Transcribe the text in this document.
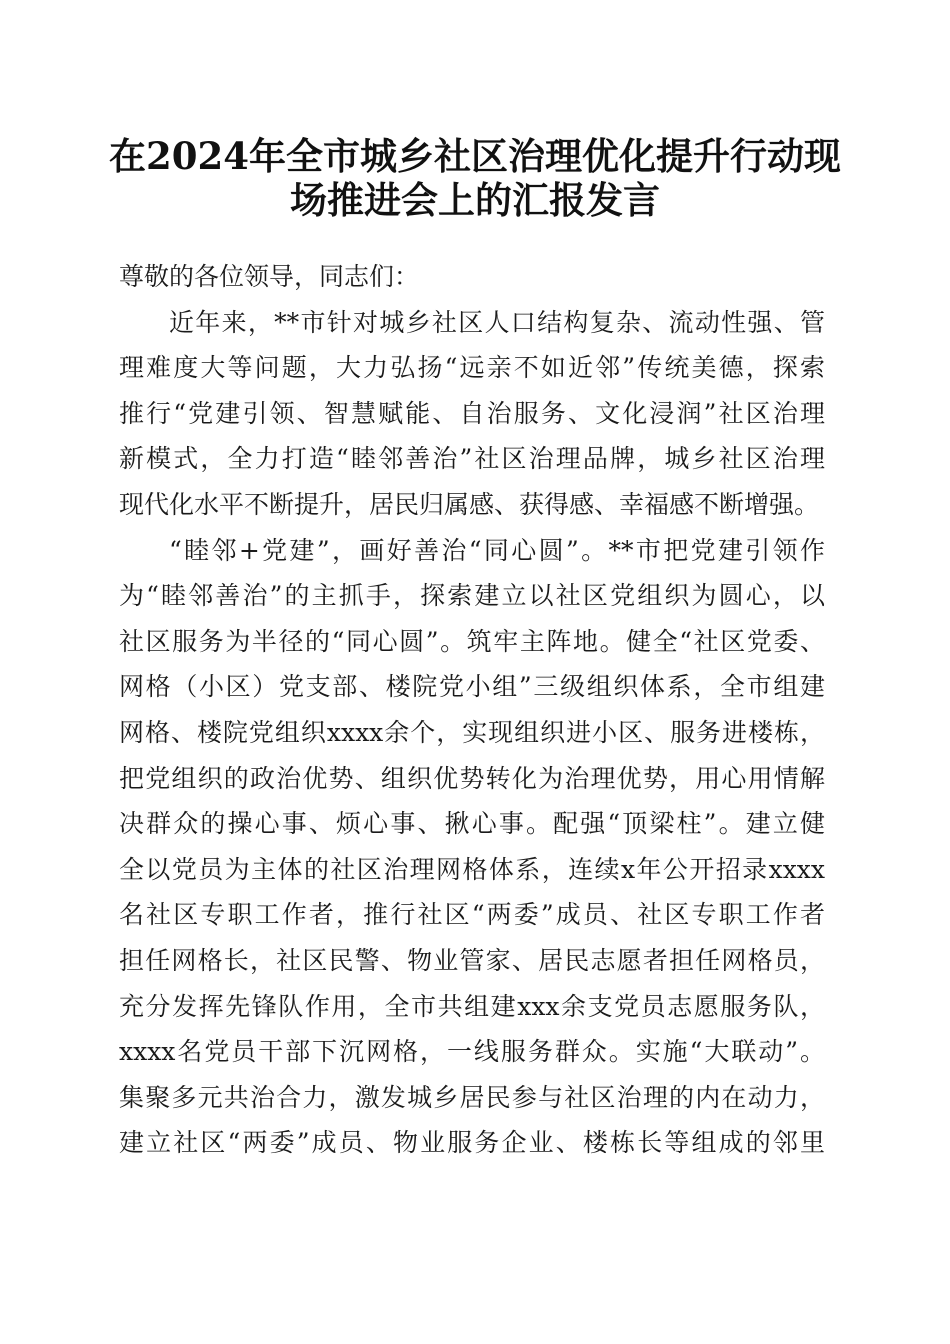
在2024年全市城乡社区治理优化提升行动现
场推进会上的汇报发言
尊敬的各位领导，同志们：
近年来，**市针对城乡社区人口结构复杂、流动性强、管
理难度大等问题，大力弘扬“远亲不如近邻”传统美德，探索
推行“党建引领、智慧赋能、自治服务、文化浸润”社区治理
新模式，全力打造“睦邻善治”社区治理品牌，城乡社区治理
现代化水平不断提升，居民归属感、获得感、幸福感不断增强。
“睦邻+党建”，画好善治“同心圆”。**市把党建引领作
为“睦邻善治”的主抓手，探索建立以社区党组织为圆心，以
社区服务为半径的“同心圆”。筑牢主阵地。健全“社区党委、
网格（小区）党支部、楼院党小组”三级组织体系，全市组建
网格、楼院党组织xxxx余个，实现组织进小区、服务进楼栋，
把党组织的政治优势、组织优势转化为治理优势，用心用情解
决群众的操心事、烦心事、揪心事。配强“顶梁柱”。建立健
全以党员为主体的社区治理网格体系，连续x年公开招录xxxx
名社区专职工作者，推行社区“两委”成员、社区专职工作者
担任网格长，社区民警、物业管家、居民志愿者担任网格员，
充分发挥先锋队作用，全市共组建xxx余支党员志愿服务队，
xxxx名党员干部下沉网格，一线服务群众。实施“大联动”。
集聚多元共治合力，激发城乡居民参与社区治理的内在动力，
建立社区“两委”成员、物业服务企业、楼栋长等组成的邻里
